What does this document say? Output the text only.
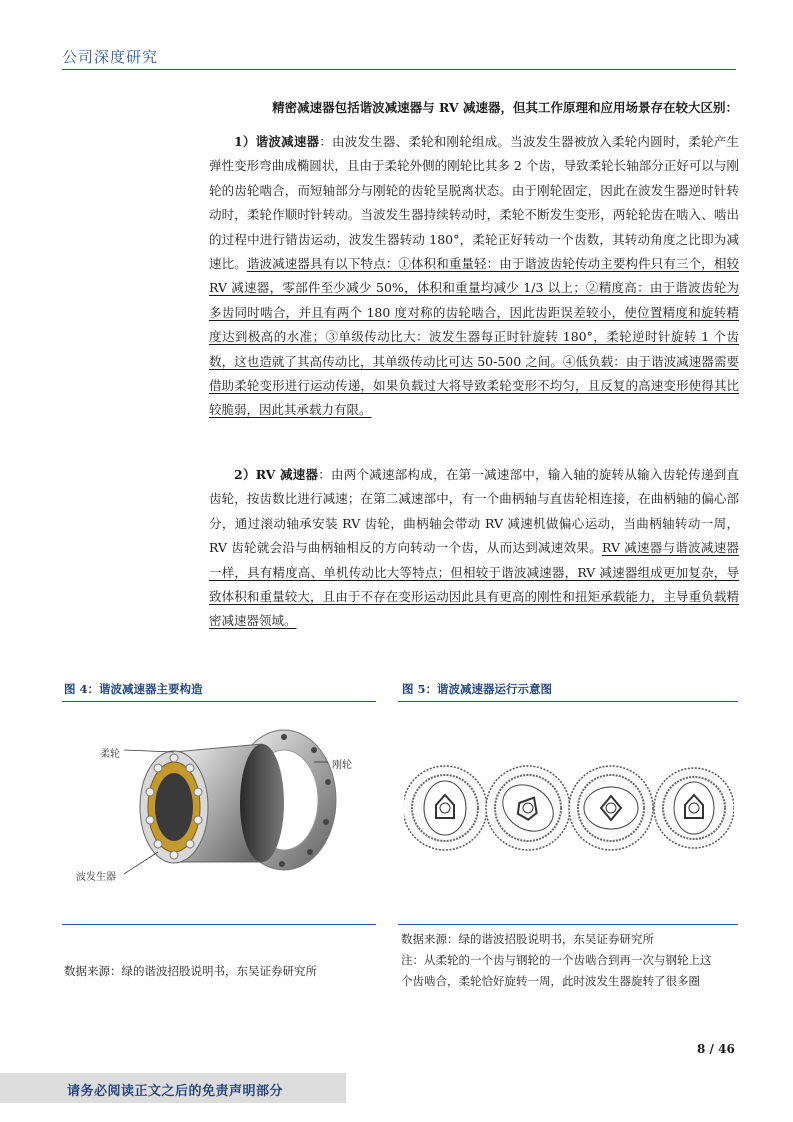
公司深度研究
精密减速器包括谐波减速器与 RV 减速器，但其工作原理和应用场景存在较大区别：

1）谐波减速器：由波发生器、柔轮和刚轮组成。当波发生器被放入柔轮内圆时，柔轮产生弹性变形弯曲成椭圆状，且由于柔轮外侧的刚轮比其多 2 个齿，导致柔轮长轴部分正好可以与刚轮的齿轮啮合，而短轴部分与刚轮的齿轮呈脱离状态。由于刚轮固定，因此在波发生器逆时针转动时，柔轮作顺时针转动。当波发生器持续转动时，柔轮不断发生变形，两轮轮齿在啮入、啮出的过程中进行错齿运动，波发生器转动 180°，柔轮正好转动一个齿数，其转动角度之比即为减速比。谐波减速器具有以下特点：①体积和重量轻：由于谐波齿轮传动主要构件只有三个，相较 RV 减速器，零部件至少减少 50%，体积和重量均减少 1/3 以上；②精度高：由于谐波齿轮为多齿同时啮合，并且有两个 180 度对称的齿轮啮合，因此齿距误差较小，使位置精度和旋转精度达到极高的水准；③单级传动比大：波发生器每正时针旋转 180°，柔轮逆时针旋转 1 个齿数，这也造就了其高传动比，其单级传动比可达 50-500 之间。④低负载：由于谐波减速器需要借助柔轮变形进行运动传递，如果负载过大将导致柔轮变形不均匀，且反复的高速变形使得其比较脆弱，因此其承载力有限。

2）RV 减速器：由两个减速部构成，在第一减速部中，输入轴的旋转从输入齿轮传递到直齿轮，按齿数比进行减速；在第二减速部中，有一个曲柄轴与直齿轮相连接，在曲柄轴的偏心部分，通过滚动轴承安装 RV 齿轮，曲柄轴会带动 RV 减速机做偏心运动，当曲柄轴转动一周，RV 齿轮就会沿与曲柄轴相反的方向转动一个齿，从而达到减速效果。RV 减速器与谐波减速器一样，具有精度高、单机传动比大等特点；但相较于谐波减速器，RV 减速器组成更加复杂，导致体积和重量较大，且由于不存在变形运动因此具有更高的刚性和扭矩承载能力，主导重负载精密减速器领域。

图 4：谐波减速器主要构造
柔轮
刚轮
波发生器
数据来源：绿的谐波招股说明书，东吴证券研究所
图 5：谐波减速器运行示意图
数据来源：绿的谐波招股说明书，东吴证券研究所
注：从柔轮的一个齿与钢轮的一个齿啮合到再一次与钢轮上这个齿啮合，柔轮恰好旋转一周，此时波发生器旋转了很多圈
8 / 46
请务必阅读正文之后的免责声明部分
